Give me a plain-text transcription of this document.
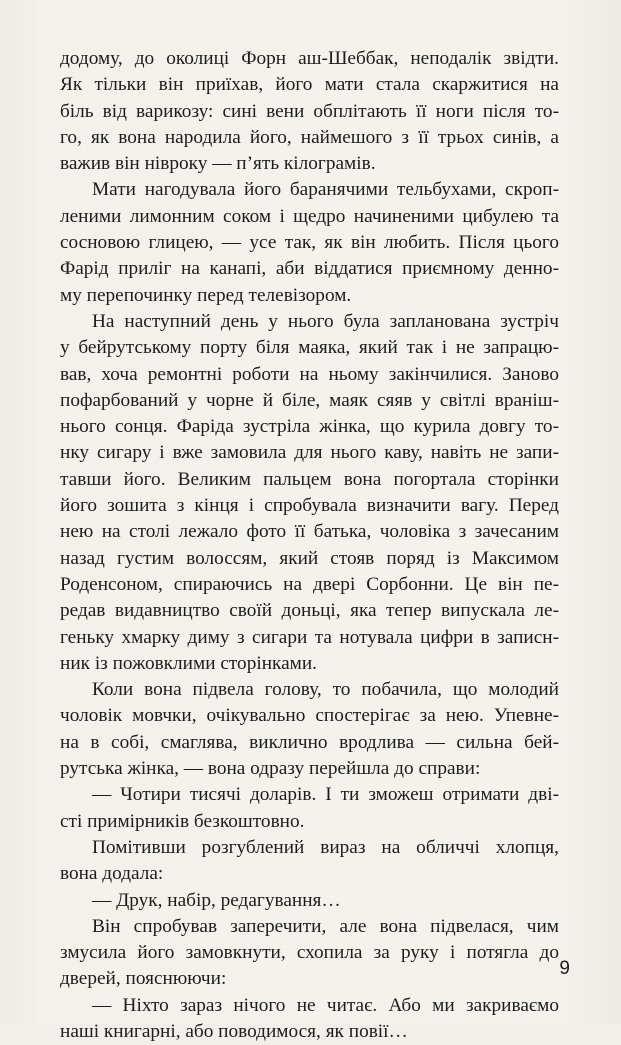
додому, до околиці Форн аш-Шеббак, неподалік звідти.
Як тільки він приїхав, його мати стала скаржитися на
біль від варикозу: сині вени обплітають її ноги після то-
го, як вона народила його, наймешого з її трьох синів, а
важив він нівроку — п’ять кілограмів.
Мати нагодувала його баранячими тельбухами, скроп-
леними лимонним соком і щедро начиненими цибулею та
сосновою глицею, — усе так, як він любить. Після цього
Фарід приліг на канапі, аби віддатися приємному денно-
му перепочинку перед телевізором.
На наступний день у нього була запланована зустріч
у бейрутському порту біля маяка, який так і не запрацю-
вав, хоча ремонтні роботи на ньому закінчилися. Заново
пофарбований у чорне й біле, маяк сяяв у світлі враніш-
нього сонця. Фаріда зустріла жінка, що курила довгу то-
нку сигару і вже замовила для нього каву, навіть не запи-
тавши його. Великим пальцем вона погортала сторінки
його зошита з кінця і спробувала визначити вагу. Перед
нею на столі лежало фото її батька, чоловіка з зачесаним
назад густим волоссям, який стояв поряд із Максимом
Роденсоном, спираючись на двері Сорбонни. Це він пе-
редав видавництво своїй доньці, яка тепер випускала ле-
геньку хмарку диму з сигари та нотувала цифри в записн-
ник із пожовклими сторінками.
Коли вона підвела голову, то побачила, що молодий
чоловік мовчки, очікувально спостерігає за нею. Упевне-
на в собі, смаглява, виклично вродлива — сильна бей-
рутська жінка, — вона одразу перейшла до справи:
— Чотири тисячі доларів. І ти зможеш отримати дві-
сті примірників безкоштовно.
Помітивши розгублений вираз на обличчі хлопця,
вона додала:
— Друк, набір, редагування…
Він спробував заперечити, але вона підвелася, чим
змусила його замовкнути, схопила за руку і потягла до
дверей, пояснюючи:
— Ніхто зараз нічого не читає. Або ми закриваємо
наші книгарні, або поводимося, як повії…
9
